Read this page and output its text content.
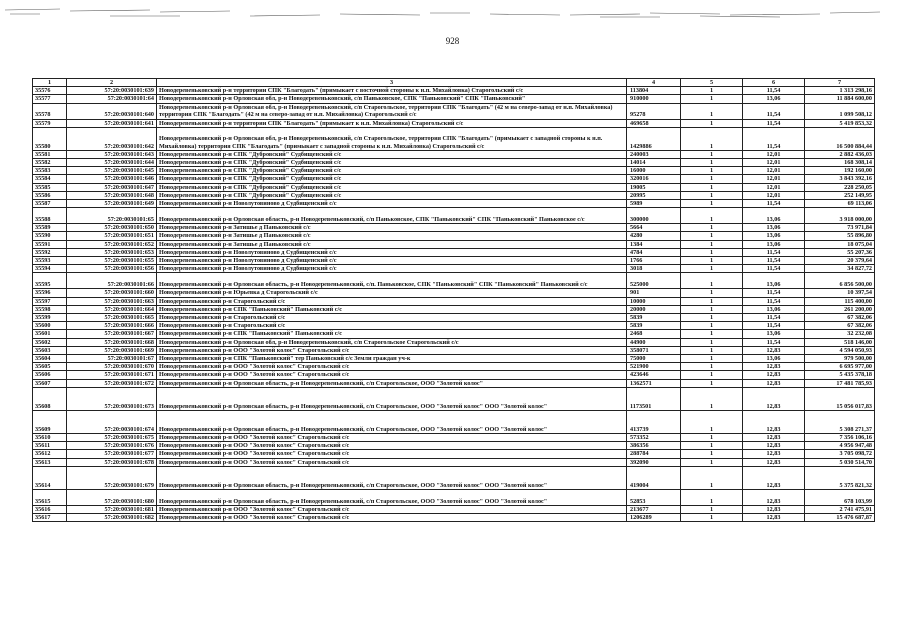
928
1	2	3	4	5	6	7
35576	57:20:0030101:639	Новодеревеньковский р-н территории СПК "Благодать" (примыкает с восточной стороны к н.п. Михайловка) Старогольский с/с	113804	1	11,54	1 313 298,16
35577	57:20:0030101:64	Новодеревеньковский р-н Орловская обл, р-н Новодеревеньковский, с/п Паньковское, СПК "Паньковский" СПК "Паньковский"	910000	1	13,06	11 884 600,00
35578	57:20:0030101:640	Новодеревеньковский р-н Орловская обл, р-н Новодеревеньковский, с/п Старогольское, территория СПК "Благодать" (42 м на северо-запад от н.п. Михайловка) территория СПК "Благодать" (42 м на северо-запад от н.п. Михайловка) Старогольский с/с	95278	1	11,54	1 099 508,12
35579	57:20:0030101:641	Новодеревеньковский р-н территории СПК "Благодать" (примыкает к н.п. Михайловка) Старогольский с/с	469658	1	11,54	5 419 853,32
35580	57:20:0030101:642	Новодеревеньковский р-н Орловская обл, р-н Новодеревеньковский, с/п Старогольское, территория СПК "Благодать" (примыкает с западной стороны к н.п. Михайловка) территория СПК "Благодать" (примыкает с западной стороны к н.п. Михайловка) Старогольский с/с	1429886	1	11,54	16 500 884,44
35581	57:20:0030101:643	Новодеревеньковский р-н СПК "Дубровский" Судбищенский с/с	240003	1	12,01	2 882 436,03
35582	57:20:0030101:644	Новодеревеньковский р-н СПК "Дубровский" Судбищенский с/с	14014	1	12,01	168 308,14
35583	57:20:0030101:645	Новодеревеньковский р-н СПК "Дубровский" Судбищенский с/с	16000	1	12,01	192 160,00
35584	57:20:0030101:646	Новодеревеньковский р-н СПК "Дубровский" Судбищенский с/с	320016	1	12,01	3 843 392,16
35585	57:20:0030101:647	Новодеревеньковский р-н СПК "Дубровский" Судбищенский с/с	19005	1	12,01	228 250,05
35586	57:20:0030101:648	Новодеревеньковский р-н СПК "Дубровский" Судбищенский с/с	20995	1	12,01	252 149,95
35587	57:20:0030101:649	Новодеревеньковский р-н Новолутовиново д Судбищенский с/с	5989	1	11,54	69 113,06
35588	57:20:0030101:65	Новодеревеньковский р-н Орловская область, р-н Новодеревеньковский, с/п Паньковское, СПК "Паньковский" СПК "Паньковский" Паньковское с/с	300000	1	13,06	3 918 000,00
35589	57:20:0030101:650	Новодеревеньковский р-н Затишье д Паньковский с/с	5664	1	13,06	73 971,84
35590	57:20:0030101:651	Новодеревеньковский р-н Затишье д Паньковский с/с	4280	1	13,06	55 896,80
35591	57:20:0030101:652	Новодеревеньковский р-н Затишье д Паньковский с/с	1384	1	13,06	18 075,04
35592	57:20:0030101:653	Новодеревеньковский р-н Новолутовиново д Судбищенский с/с	4784	1	11,54	55 207,36
35593	57:20:0030101:655	Новодеревеньковский р-н Новолутовиново д Судбищенский с/с	1766	1	11,54	20 379,64
35594	57:20:0030101:656	Новодеревеньковский р-н Новолутовиново д Судбищенский с/с	3018	1	11,54	34 827,72
35595	57:20:0030101:66	Новодеревеньковский р-н Орловская область, р-н Новодеревеньковский, с/п. Паньковское, СПК "Паньковский" СПК "Паньковский" Паньковский с/с	525000	1	13,06	6 856 500,00
35596	57:20:0030101:660	Новодеревеньковский р-н Юрьевка д Старогольский с/с	901	1	11,54	10 397,54
35597	57:20:0030101:663	Новодеревеньковский р-н Старогольский с/с	10000	1	11,54	115 400,00
35598	57:20:0030101:664	Новодеревеньковский р-н СПК "Паньковский" Паньковский с/с	20000	1	13,06	261 200,00
35599	57:20:0030101:665	Новодеревеньковский р-н Старогольский с/с	5839	1	11,54	67 382,06
35600	57:20:0030101:666	Новодеревеньковский р-н Старогольский с/с	5839	1	11,54	67 382,06
35601	57:20:0030101:667	Новодеревеньковский р-н СПК "Паньковский" Паньковский с/с	2468	1	13,06	32 232,08
35602	57:20:0030101:668	Новодеревеньковский р-н Орловская обл, р-н Новодеревеньковский, с/п Старогольское Старогольский с/с	44900	1	11,54	518 146,00
35603	57:20:0030101:669	Новодеревеньковский р-н ООО "Золотой колос" Старогольский с/с	358071	1	12,83	4 594 050,93
35604	57:20:0030101:67	Новодеревеньковский р-н СПК "Паньковский" тер Паньковский с/с Земли граждан уч-к	75000	1	13,06	979 500,00
35605	57:20:0030101:670	Новодеревеньковский р-н ООО "Золотой колос" Старогольский с/с	521900	1	12,83	6 695 977,00
35606	57:20:0030101:671	Новодеревеньковский р-н ООО "Золотой колос" Старогольский с/с	423646	1	12,83	5 435 378,18
35607	57:20:0030101:672	Новодеревеньковский р-н Орловская область, р-н Новодеревеньковский, с/п Старогольское, ООО "Золотой колос"	1362571	1	12,83	17 481 785,93
35608	57:20:0030101:673	Новодеревеньковский р-н Орловская область, р-н Новодеревеньковский, с/п Старогольское, ООО "Золотой колос" ООО "Золотой колос"	1173501	1	12,83	15 056 017,83
35609	57:20:0030101:674	Новодеревеньковский р-н Орловская область, р-н Новодеревеньковский, с/п Старогольское, ООО "Золотой колос" ООО "Золотой колос"	413739	1	12,83	5 308 271,37
35610	57:20:0030101:675	Новодеревеньковский р-н ООО "Золотой колос" Старогольский с/с	573352	1	12,83	7 356 106,16
35611	57:20:0030101:676	Новодеревеньковский р-н ООО "Золотой колос" Старогольский с/с	386356	1	12,83	4 956 947,48
35612	57:20:0030101:677	Новодеревеньковский р-н ООО "Золотой колос" Старогольский с/с	288784	1	12,83	3 705 098,72
35613	57:20:0030101:678	Новодеревеньковский р-н ООО "Золотой колос" Старогольский с/с	392090	1	12,83	5 030 514,70
35614	57:20:0030101:679	Новодеревеньковский р-н Орловская область, р-н Новодеревеньковский, с/п Старогольское, ООО "Золотой колос" ООО "Золотой колос"	419004	1	12,83	5 375 821,32
35615	57:20:0030101:680	Новодеревеньковский р-н Орловская область, р-н Новодеревеньковский, с/п Старогольское, ООО "Золотой колос" ООО "Золотой колос"	52853	1	12,83	678 103,99
35616	57:20:0030101:681	Новодеревеньковский р-н ООО "Золотой колос" Старогольский с/с	213677	1	12,83	2 741 475,91
35617	57:20:0030101:682	Новодеревеньковский р-н ООО "Золотой колос" Старогольский с/с	1206289	1	12,83	15 476 687,87
